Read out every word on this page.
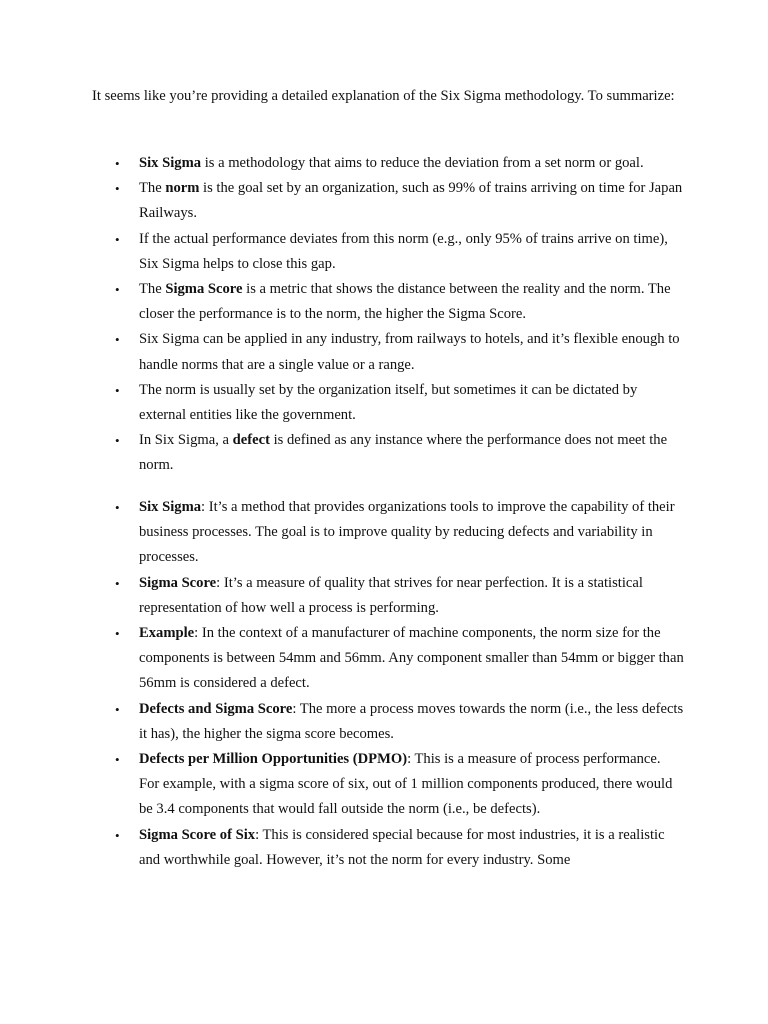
It seems like you’re providing a detailed explanation of the Six Sigma methodology. To summarize:

• Six Sigma is a methodology that aims to reduce the deviation from a set norm or goal.
• The norm is the goal set by an organization, such as 99% of trains arriving on time for Japan Railways.
• If the actual performance deviates from this norm (e.g., only 95% of trains arrive on time), Six Sigma helps to close this gap.
• The Sigma Score is a metric that shows the distance between the reality and the norm. The closer the performance is to the norm, the higher the Sigma Score.
• Six Sigma can be applied in any industry, from railways to hotels, and it’s flexible enough to handle norms that are a single value or a range.
• The norm is usually set by the organization itself, but sometimes it can be dictated by external entities like the government.
• In Six Sigma, a defect is defined as any instance where the performance does not meet the norm.
• Six Sigma: It’s a method that provides organizations tools to improve the capability of their business processes. The goal is to improve quality by reducing defects and variability in processes.
• Sigma Score: It’s a measure of quality that strives for near perfection. It is a statistical representation of how well a process is performing.
• Example: In the context of a manufacturer of machine components, the norm size for the components is between 54mm and 56mm. Any component smaller than 54mm or bigger than 56mm is considered a defect.
• Defects and Sigma Score: The more a process moves towards the norm (i.e., the less defects it has), the higher the sigma score becomes.
• Defects per Million Opportunities (DPMO): This is a measure of process performance. For example, with a sigma score of six, out of 1 million components produced, there would be 3.4 components that would fall outside the norm (i.e., be defects).
• Sigma Score of Six: This is considered special because for most industries, it is a realistic and worthwhile goal. However, it’s not the norm for every industry. Some
